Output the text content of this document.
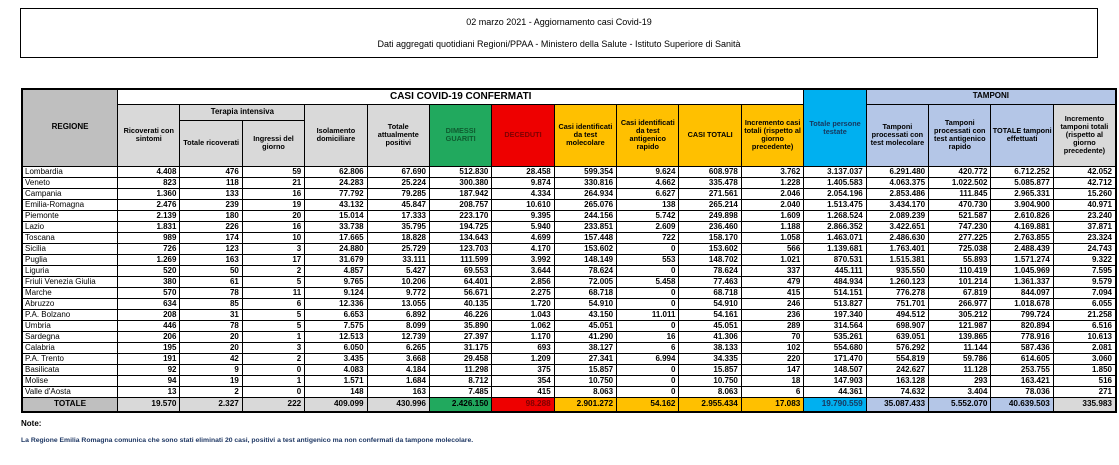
02 marzo 2021 - Aggiornamento casi Covid-19
Dati aggregati quotidiani Regioni/PPAA - Ministero della Salute - Istituto Superiore di Sanità
REGIONE	CASI COVID-19 CONFERMATI											Totale persone testate	TAMPONI			
	Ricoverati con sintomi	Terapia intensiva		Isolamento domiciliare	Totale attualmente positivi	DIMESSI GUARITI	DECEDUTI	Casi identificati da test molecolare	Casi identificati da test antigenico rapido	CASI TOTALI	Incremento casi totali (rispetto al giorno precedente)		Tamponi processati con test molecolare	Tamponi processati con test antigenico rapido	TOTALE tamponi effettuati	Incremento tamponi totali (rispetto al giorno precedente)
		Totale ricoverati	Ingressi del giorno													
Lombardia	4.408	476	59	62.806	67.690	512.830	28.458	599.354	9.624	608.978	3.762	3.137.037	6.291.480	420.772	6.712.252	42.052
Veneto	823	118	21	24.283	25.224	300.380	9.874	330.816	4.662	335.478	1.228	1.405.583	4.063.375	1.022.502	5.085.877	42.712
Campania	1.360	133	16	77.792	79.285	187.942	4.334	264.934	6.627	271.561	2.046	2.054.196	2.853.486	111.845	2.965.331	15.260
Emilia-Romagna	2.476	239	19	43.132	45.847	208.757	10.610	265.076	138	265.214	2.040	1.513.475	3.434.170	470.730	3.904.900	40.971
Piemonte	2.139	180	20	15.014	17.333	223.170	9.395	244.156	5.742	249.898	1.609	1.268.524	2.089.239	521.587	2.610.826	23.240
Lazio	1.831	226	16	33.738	35.795	194.725	5.940	233.851	2.609	236.460	1.188	2.866.352	3.422.651	747.230	4.169.881	37.871
Toscana	989	174	10	17.665	18.828	134.643	4.699	157.448	722	158.170	1.058	1.463.071	2.486.630	277.225	2.763.855	23.324
Sicilia	726	123	3	24.880	25.729	123.703	4.170	153.602	0	153.602	566	1.139.681	1.763.401	725.038	2.488.439	24.743
Puglia	1.269	163	17	31.679	33.111	111.599	3.992	148.149	553	148.702	1.021	870.531	1.515.381	55.893	1.571.274	9.322
Liguria	520	50	2	4.857	5.427	69.553	3.644	78.624	0	78.624	337	445.111	935.550	110.419	1.045.969	7.595
Friuli Venezia Giulia	380	61	5	9.765	10.206	64.401	2.856	72.005	5.458	77.463	479	484.934	1.260.123	101.214	1.361.337	9.579
Marche	570	78	11	9.124	9.772	56.671	2.275	68.718	0	68.718	415	514.151	776.278	67.819	844.097	7.094
Abruzzo	634	85	6	12.336	13.055	40.135	1.720	54.910	0	54.910	246	513.827	751.701	266.977	1.018.678	6.055
P.A. Bolzano	208	31	5	6.653	6.892	46.226	1.043	43.150	11.011	54.161	236	197.340	494.512	305.212	799.724	21.258
Umbria	446	78	5	7.575	8.099	35.890	1.062	45.051	0	45.051	289	314.564	698.907	121.987	820.894	6.516
Sardegna	206	20	1	12.513	12.739	27.397	1.170	41.290	16	41.306	70	535.261	639.051	139.865	778.916	10.613
Calabria	195	20	3	6.050	6.265	31.175	693	38.127	6	38.133	102	554.680	576.292	11.144	587.436	2.081
P.A. Trento	191	42	2	3.435	3.668	29.458	1.209	27.341	6.994	34.335	220	171.470	554.819	59.786	614.605	3.060
Basilicata	92	9	0	4.083	4.184	11.298	375	15.857	0	15.857	147	148.507	242.627	11.128	253.755	1.850
Molise	94	19	1	1.571	1.684	8.712	354	10.750	0	10.750	18	147.903	163.128	293	163.421	516
Valle d'Aosta	13	2	0	148	163	7.485	415	8.063	0	8.063	6	44.361	74.632	3.404	78.036	271
TOTALE	19.570	2.327	222	409.099	430.996	2.426.150	98.288	2.901.272	54.162	2.955.434	17.083	19.790.559	35.087.433	5.552.070	40.639.503	335.983
Note:
La Regione Emilia Romagna comunica che sono stati eliminati 20 casi, positivi a test antigenico ma non confermati da tampone molecolare.
